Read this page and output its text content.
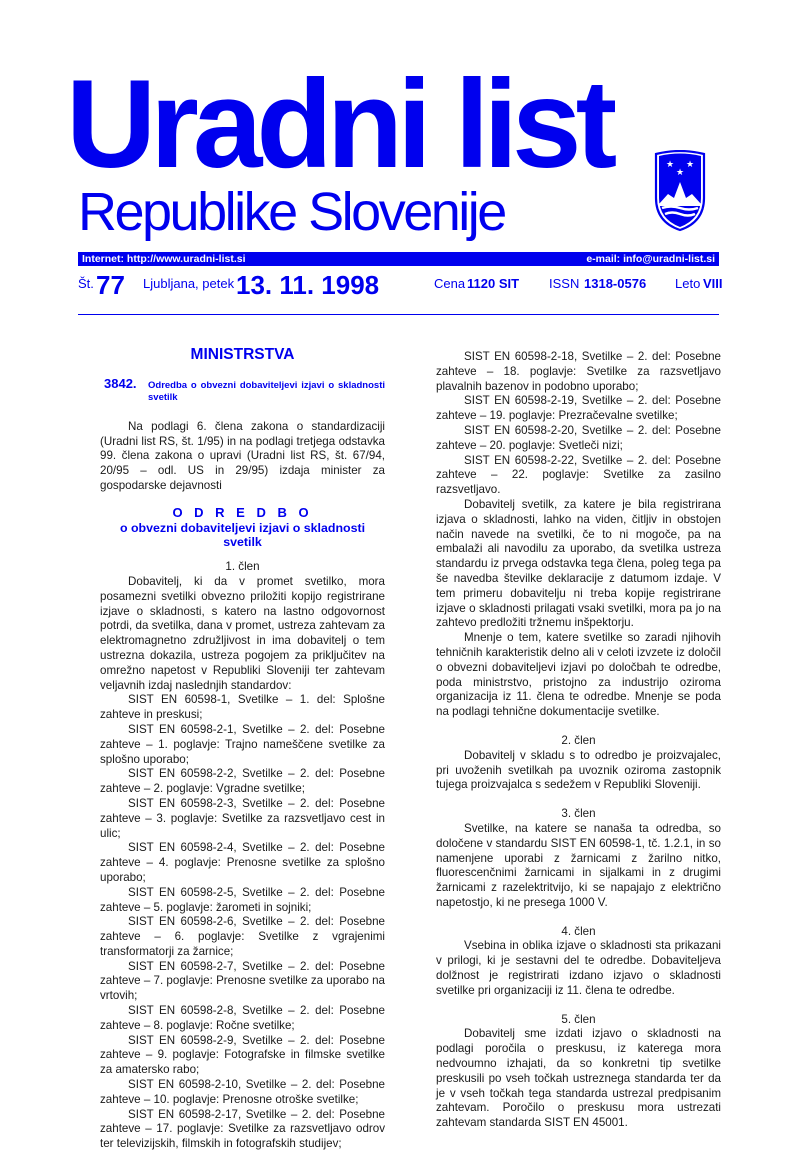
Uradni list
Republike Slovenije
★ ★
★
Internet: http://www.uradni-list.si	e-mail: info@uradni-list.si
Št. 77 Ljubljana, petek 13. 11. 1998	Cena 1120 SIT ISSN 1318-0576 Leto VIII
MINISTRSTVA
3842.	Odredba o obvezni dobaviteljevi izjavi o skladnosti svetilk

Na podlagi 6. člena zakona o standardizaciji (Uradni list RS, št. 1/95) in na podlagi tretjega odstavka 99. člena zakona o upravi (Uradni list RS, št. 67/94, 20/95 – odl. US in 29/95) izdaja minister za gospodarske dejavnosti

O D R E D B O
o obvezni dobaviteljevi izjavi o skladnosti svetilk

1. člen

Dobavitelj, ki da v promet svetilko, mora posamezni svetilki obvezno priložiti kopijo registrirane izjave o skladnosti, s katero na lastno odgovornost potrdi, da svetilka, dana v promet, ustreza zahtevam za elektromagnetno združljivost in ima dobavitelj o tem ustrezna dokazila, ustreza pogojem za priključitev na omrežno napetost v Republiki Sloveniji ter zahtevam veljavnih izdaj naslednjih standardov:

SIST EN 60598-1, Svetilke – 1. del: Splošne zahteve in preskusi;

SIST EN 60598-2-1, Svetilke – 2. del: Posebne zahteve – 1. poglavje: Trajno nameščene svetilke za splošno uporabo;

SIST EN 60598-2-2, Svetilke – 2. del: Posebne zahteve – 2. poglavje: Vgradne svetilke;

SIST EN 60598-2-3, Svetilke – 2. del: Posebne zahteve – 3. poglavje: Svetilke za razsvetljavo cest in ulic;

SIST EN 60598-2-4, Svetilke – 2. del: Posebne zahteve – 4. poglavje: Prenosne svetilke za splošno uporabo;

SIST EN 60598-2-5, Svetilke – 2. del: Posebne zahteve – 5. poglavje: žarometi in sojniki;

SIST EN 60598-2-6, Svetilke – 2. del: Posebne zahteve – 6. poglavje: Svetilke z vgrajenimi transformatorji za žarnice;

SIST EN 60598-2-7, Svetilke – 2. del: Posebne zahteve – 7. poglavje: Prenosne svetilke za uporabo na vrtovih;

SIST EN 60598-2-8, Svetilke – 2. del: Posebne zahteve – 8. poglavje: Ročne svetilke;

SIST EN 60598-2-9, Svetilke – 2. del: Posebne zahteve – 9. poglavje: Fotografske in filmske svetilke za amatersko rabo;

SIST EN 60598-2-10, Svetilke – 2. del: Posebne zahteve – 10. poglavje: Prenosne otroške svetilke;

SIST EN 60598-2-17, Svetilke – 2. del: Posebne zahteve – 17. poglavje: Svetilke za razsvetljavo odrov ter televizijskih, filmskih in fotografskih studijev;

SIST EN 60598-2-18, Svetilke – 2. del: Posebne zahteve – 18. poglavje: Svetilke za razsvetljavo plavalnih bazenov in podobno uporabo;

SIST EN 60598-2-19, Svetilke – 2. del: Posebne zahteve – 19. poglavje: Prezračevalne svetilke;

SIST EN 60598-2-20, Svetilke – 2. del: Posebne zahteve – 20. poglavje: Svetleči nizi;

SIST EN 60598-2-22, Svetilke – 2. del: Posebne zahteve – 22. poglavje: Svetilke za zasilno razsvetljavo.

Dobavitelj svetilk, za katere je bila registrirana izjava o skladnosti, lahko na viden, čitljiv in obstojen način navede na svetilki, če to ni mogoče, pa na embalaži ali navodilu za uporabo, da svetilka ustreza standardu iz prvega odstavka tega člena, poleg tega pa še navedba številke deklaracije z datumom izdaje. V tem primeru dobavitelju ni treba kopije registrirane izjave o skladnosti prilagati vsaki svetilki, mora pa jo na zahtevo predložiti tržnemu inšpektorju.

Mnenje o tem, katere svetilke so zaradi njihovih tehničnih karakteristik delno ali v celoti izvzete iz določil o obvezni dobaviteljevi izjavi po določbah te odredbe, poda ministrstvo, pristojno za industrijo oziroma organizacija iz 11. člena te odredbe. Mnenje se poda na podlagi tehnične dokumentacije svetilke.

2. člen

Dobavitelj v skladu s to odredbo je proizvajalec, pri uvoženih svetilkah pa uvoznik oziroma zastopnik tujega proizvajalca s sedežem v Republiki Sloveniji.

3. člen

Svetilke, na katere se nanaša ta odredba, so določene v standardu SIST EN 60598-1, tč. 1.2.1, in so namenjene uporabi z žarnicami z žarilno nitko, fluorescenčnimi žarnicami in sijalkami in z drugimi žarnicami z razelektritvijo, ki se napajajo z električno napetostjo, ki ne presega 1000 V.

4. člen

Vsebina in oblika izjave o skladnosti sta prikazani v prilogi, ki je sestavni del te odredbe. Dobaviteljeva dolžnost je registrirati izdano izjavo o skladnosti svetilke pri organizaciji iz 11. člena te odredbe.

5. člen

Dobavitelj sme izdati izjavo o skladnosti na podlagi poročila o preskusu, iz katerega mora nedvoumno izhajati, da so konkretni tip svetilke preskusili po vseh točkah ustreznega standarda ter da je v vseh točkah tega standarda ustrezal predpisanim zahtevam. Poročilo o preskusu mora ustrezati zahtevam standarda SIST EN 45001.
